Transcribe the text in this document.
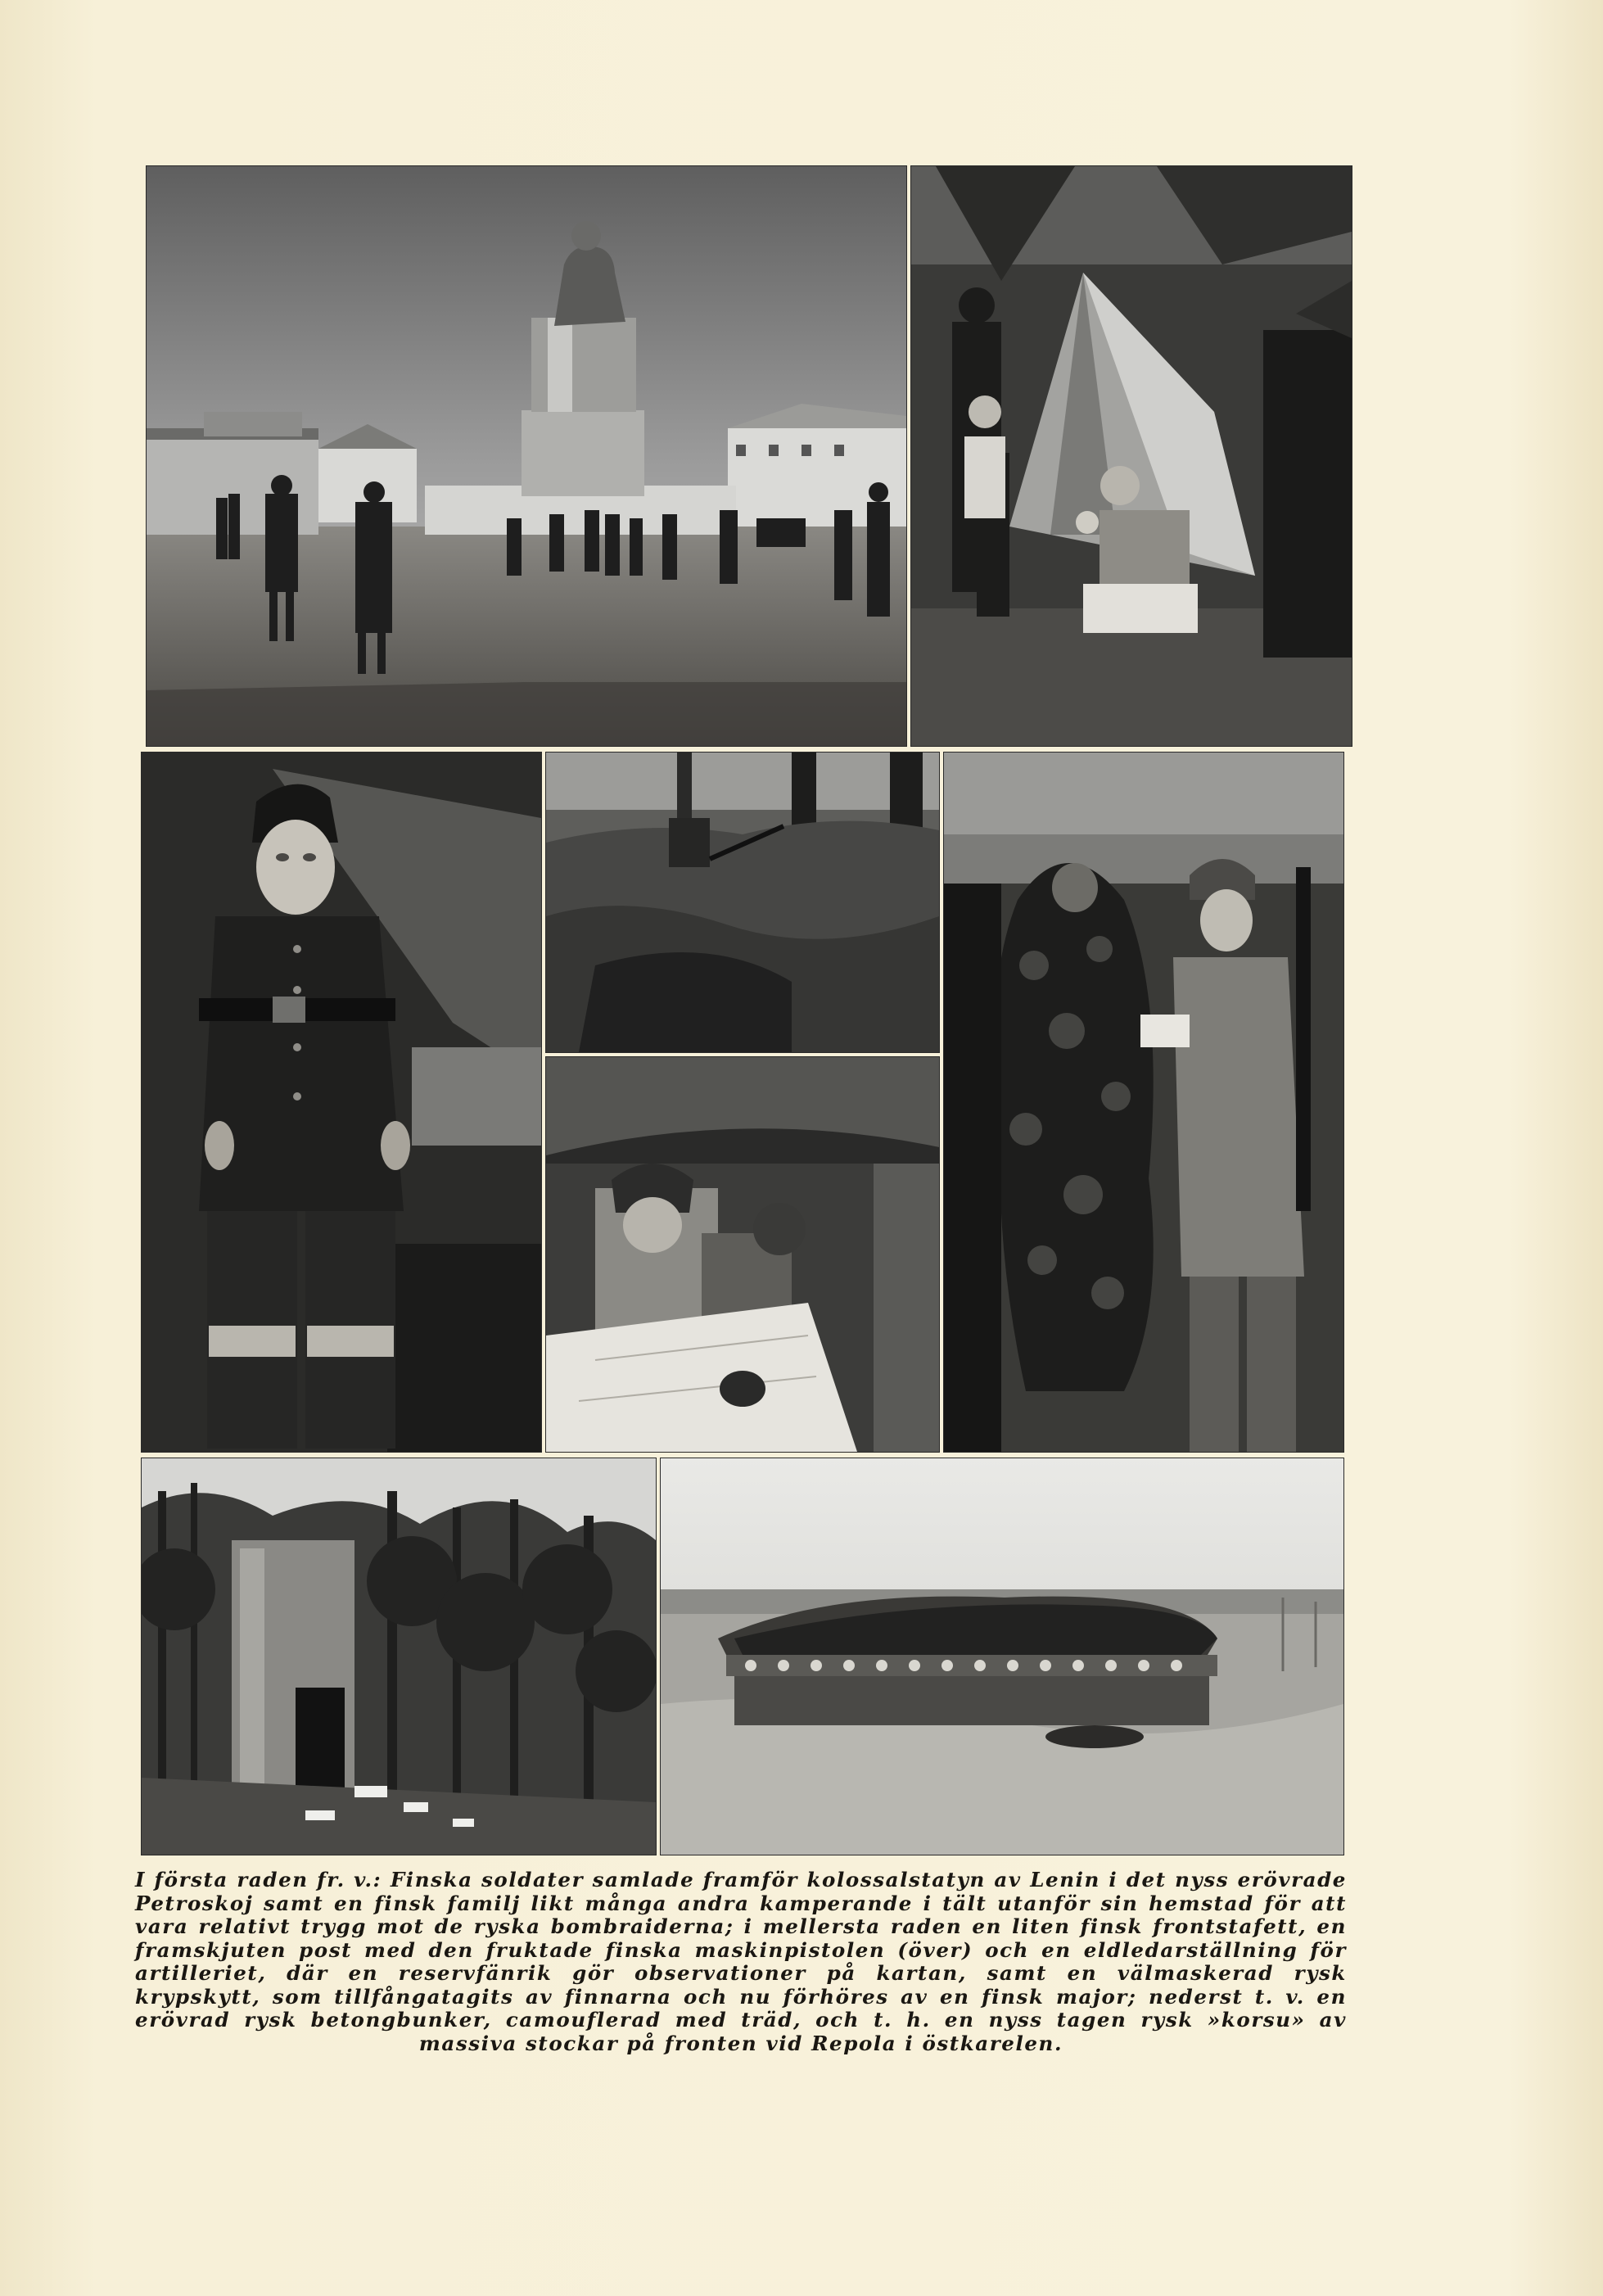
I första raden fr. v.: Finska soldater samlade framför kolossalstatyn av Lenin i det nyss erövrade Petroskoj samt en finsk familj likt många andra kamperande i tält utanför sin hemstad för att vara relativt trygg mot de ryska bombraiderna; i mellersta raden en liten finsk frontstafett, en framskjuten post med den fruktade finska maskinpistolen (över) och en eldledarställning för artilleriet, där en reservfänrik gör observationer på kartan, samt en välmaskerad rysk krypskytt, som tillfångatagits av finnarna och nu förhöres av en finsk major; nederst t. v. en erövrad rysk betongbunker, camouflerad med träd, och t. h. en nyss tagen rysk »korsu» av massiva stockar på fronten vid Repola i östkarelen.
